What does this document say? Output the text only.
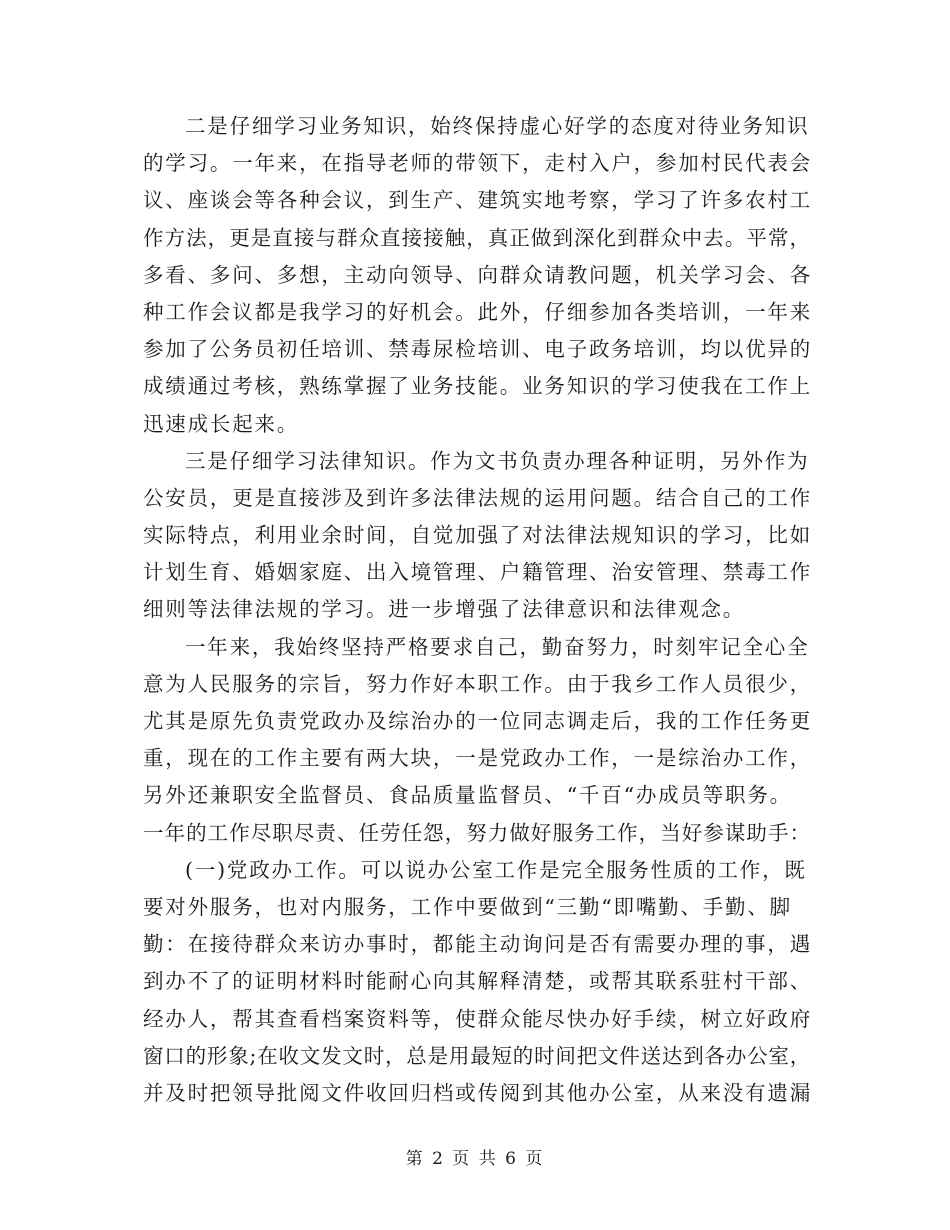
二是仔细学习业务知识，始终保持虚心好学的态度对待业务知识
的学习。一年来，在指导老师的带领下，走村入户，参加村民代表会
议、座谈会等各种会议，到生产、建筑实地考察，学习了许多农村工
作方法，更是直接与群众直接接触，真正做到深化到群众中去。平常，
多看、多问、多想，主动向领导、向群众请教问题，机关学习会、各
种工作会议都是我学习的好机会。此外，仔细参加各类培训，一年来
参加了公务员初任培训、禁毒尿检培训、电子政务培训，均以优异的
成绩通过考核，熟练掌握了业务技能。业务知识的学习使我在工作上
迅速成长起来。
三是仔细学习法律知识。作为文书负责办理各种证明，另外作为
公安员，更是直接涉及到许多法律法规的运用问题。结合自己的工作
实际特点，利用业余时间，自觉加强了对法律法规知识的学习，比如
计划生育、婚姻家庭、出入境管理、户籍管理、治安管理、禁毒工作
细则等法律法规的学习。进一步增强了法律意识和法律观念。
一年来，我始终坚持严格要求自己，勤奋努力，时刻牢记全心全
意为人民服务的宗旨，努力作好本职工作。由于我乡工作人员很少，
尤其是原先负责党政办及综治办的一位同志调走后，我的工作任务更
重，现在的工作主要有两大块，一是党政办工作，一是综治办工作，
另外还兼职安全监督员、食品质量监督员、“千百“办成员等职务。
一年的工作尽职尽责、任劳任怨，努力做好服务工作，当好参谋助手：
(一)党政办工作。可以说办公室工作是完全服务性质的工作，既
要对外服务，也对内服务，工作中要做到“三勤“即嘴勤、手勤、脚
勤：在接待群众来访办事时，都能主动询问是否有需要办理的事，遇
到办不了的证明材料时能耐心向其解释清楚，或帮其联系驻村干部、
经办人，帮其查看档案资料等，使群众能尽快办好手续，树立好政府
窗口的形象;在收文发文时，总是用最短的时间把文件送达到各办公室，
并及时把领导批阅文件收回归档或传阅到其他办公室，从来没有遗漏
第 2 页 共 6 页
